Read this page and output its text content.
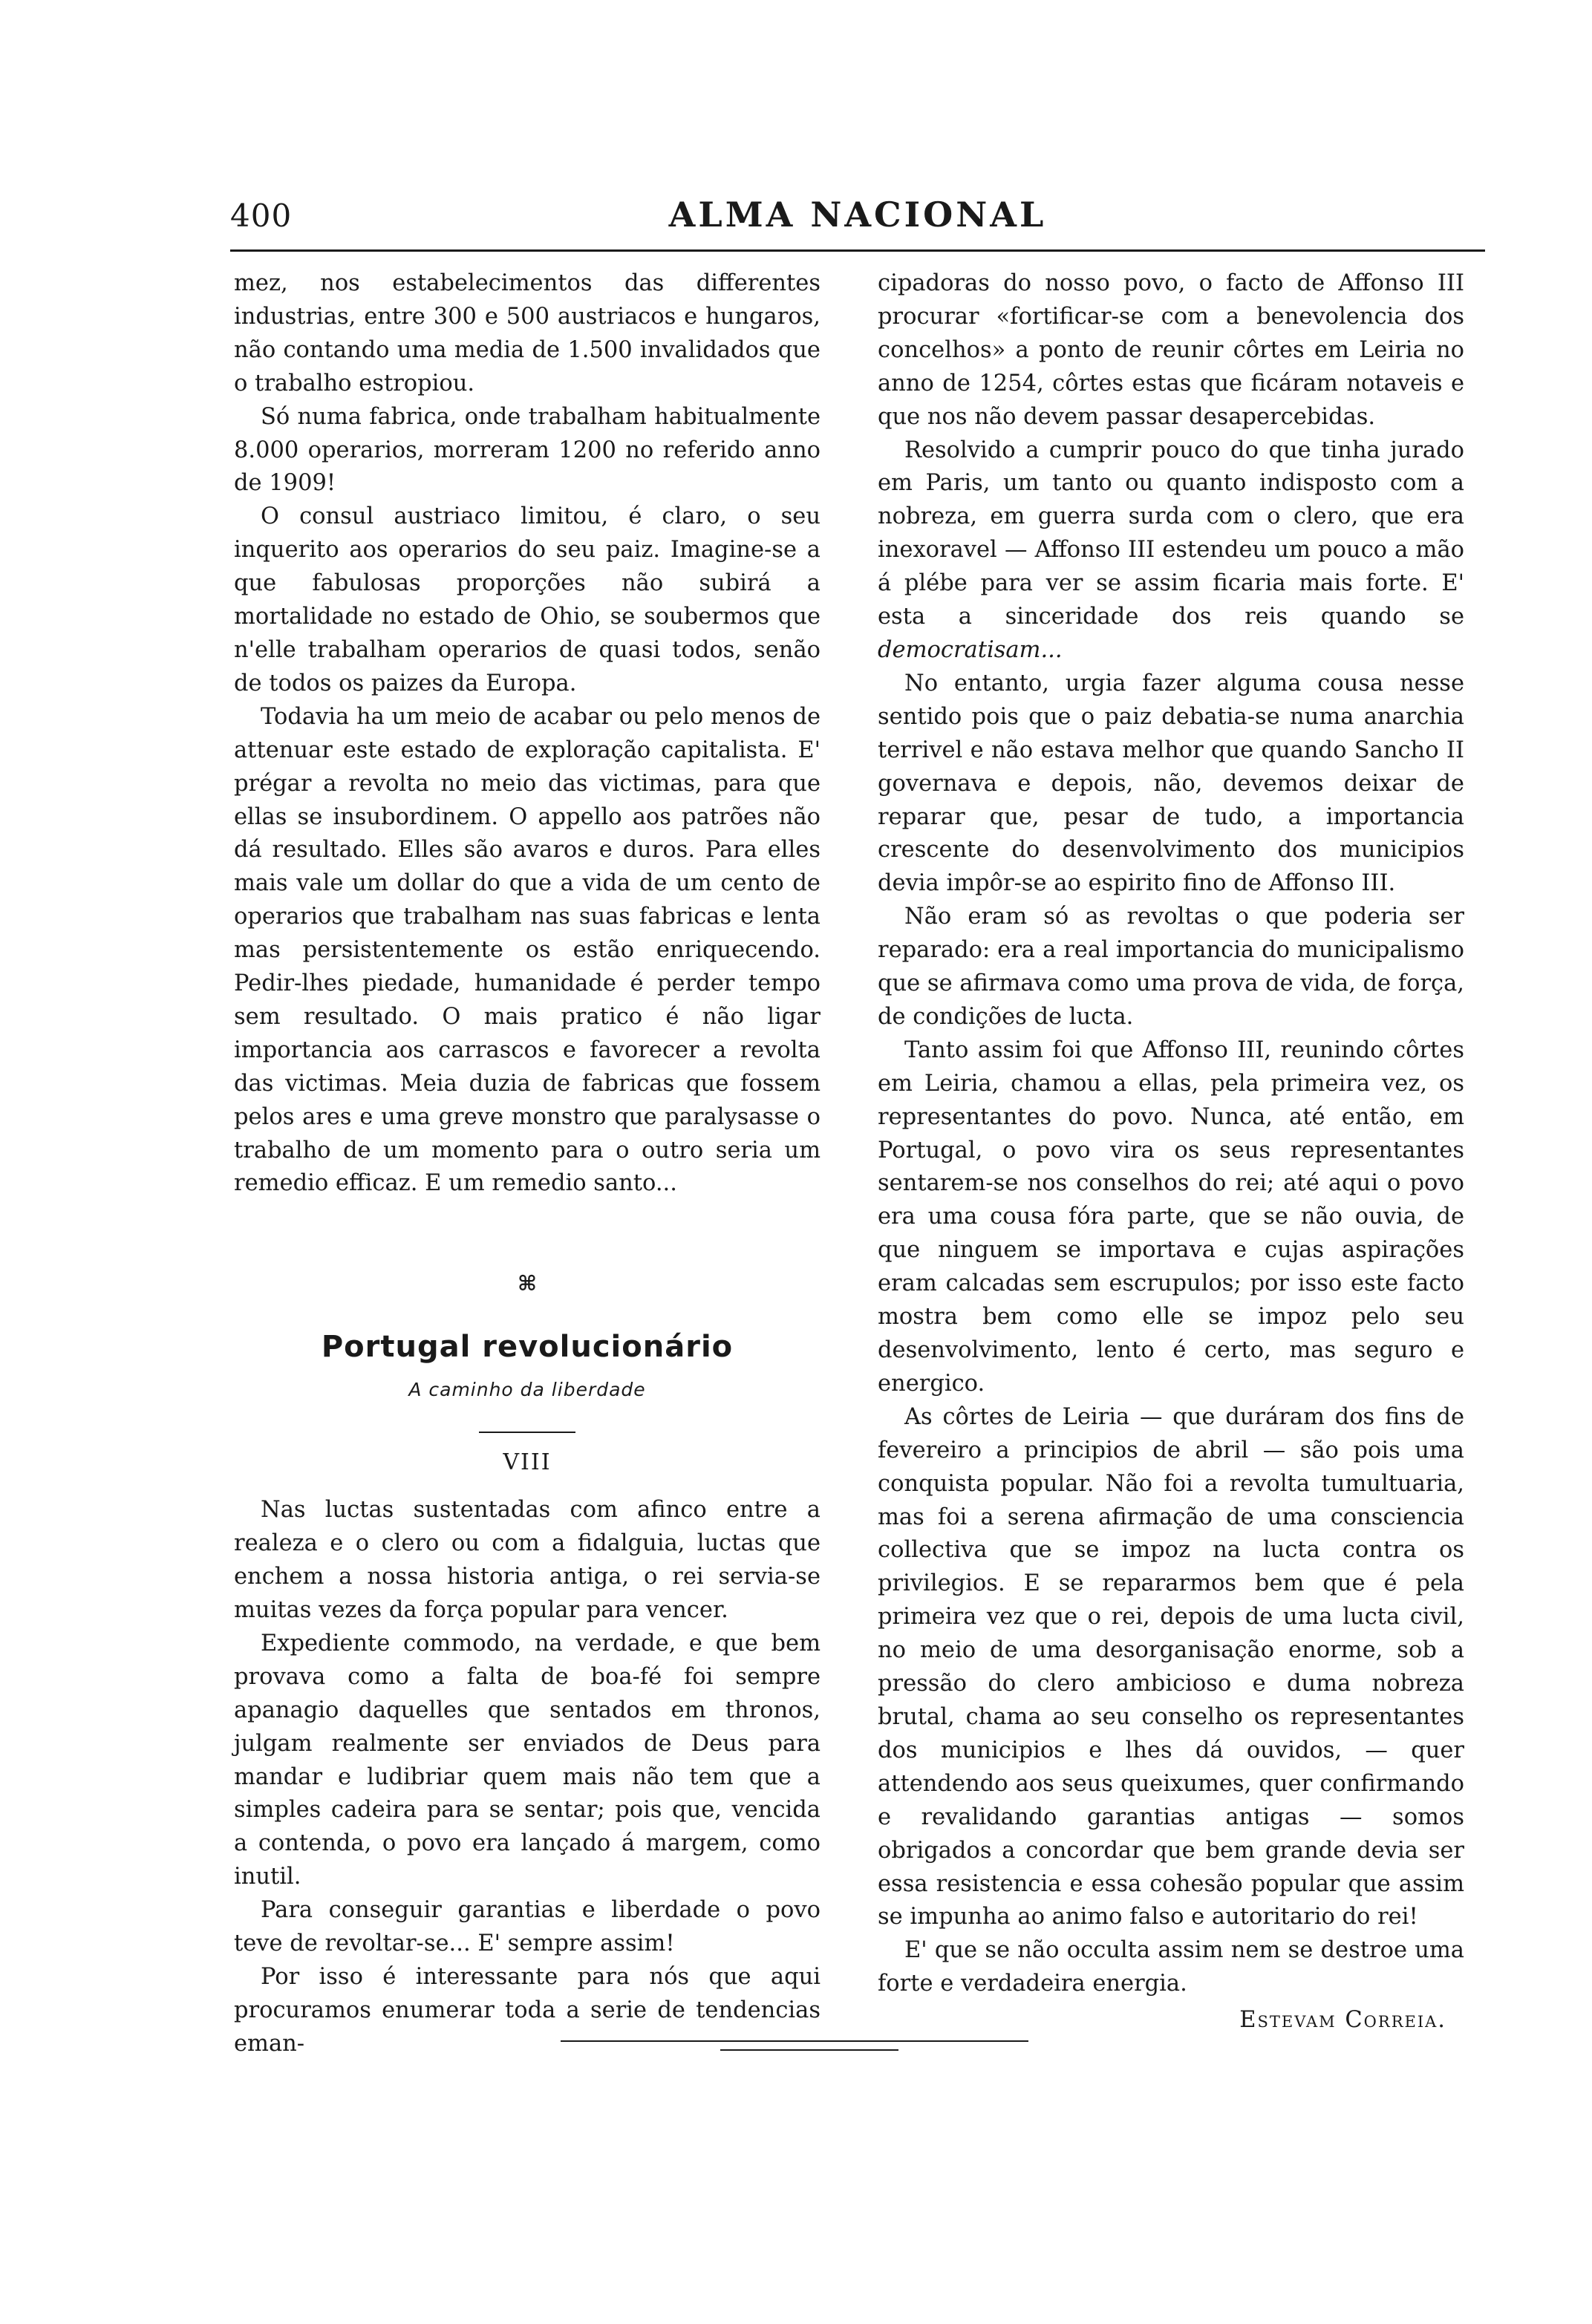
400	ALMA NACIONAL

mez, nos estabelecimentos das differentes industrias, entre 300 e 500 austriacos e hungaros, não contando uma media de 1.500 invalidados que o trabalho estropiou.

Só numa fabrica, onde trabalham habitualmente 8.000 operarios, morreram 1200 no referido anno de 1909!

O consul austriaco limitou, é claro, o seu inquerito aos operarios do seu paiz. Imagine-se a que fabulosas proporções não subirá a mortalidade no estado de Ohio, se soubermos que n'elle trabalham operarios de quasi todos, senão de todos os paizes da Europa.

Todavia ha um meio de acabar ou pelo menos de attenuar este estado de exploração capitalista. E' prégar a revolta no meio das victimas, para que ellas se insubordinem. O appello aos patrões não dá resultado. Elles são avaros e duros. Para elles mais vale um dollar do que a vida de um cento de operarios que trabalham nas suas fabricas e lenta mas persistentemente os estão enriquecendo. Pedir-lhes piedade, humanidade é perder tempo sem resultado. O mais pratico é não ligar importancia aos carrascos e favorecer a revolta das victimas. Meia duzia de fabricas que fossem pelos ares e uma greve monstro que paralysasse o trabalho de um momento para o outro seria um remedio efficaz. E um remedio santo...

⌘
Portugal revolucionário
A caminho da liberdade
VIII

Nas luctas sustentadas com afinco entre a realeza e o clero ou com a fidalguia, luctas que enchem a nossa historia antiga, o rei servia-se muitas vezes da força popular para vencer.

Expediente commodo, na verdade, e que bem provava como a falta de boa-fé foi sempre apanagio daquelles que sentados em thronos, julgam realmente ser enviados de Deus para mandar e ludibriar quem mais não tem que a simples cadeira para se sentar; pois que, vencida a contenda, o povo era lançado á margem, como inutil.

Para conseguir garantias e liberdade o povo teve de revoltar-se... E' sempre assim!

Por isso é interessante para nós que aqui procuramos enumerar toda a serie de tendencias eman-

cipadoras do nosso povo, o facto de Affonso III procurar «fortificar-se com a benevolencia dos concelhos» a ponto de reunir côrtes em Leiria no anno de 1254, côrtes estas que ficáram notaveis e que nos não devem passar desapercebidas.

Resolvido a cumprir pouco do que tinha jurado em Paris, um tanto ou quanto indisposto com a nobreza, em guerra surda com o clero, que era inexoravel — Affonso III estendeu um pouco a mão á plébe para ver se assim ficaria mais forte. E' esta a sinceridade dos reis quando se democratisam...

No entanto, urgia fazer alguma cousa nesse sentido pois que o paiz debatia-se numa anarchia terrivel e não estava melhor que quando Sancho II governava e depois, não, devemos deixar de reparar que, pesar de tudo, a importancia crescente do desenvolvimento dos municipios devia impôr-se ao espirito fino de Affonso III.

Não eram só as revoltas o que poderia ser reparado: era a real importancia do municipalismo que se afirmava como uma prova de vida, de força, de condições de lucta.

Tanto assim foi que Affonso III, reunindo côrtes em Leiria, chamou a ellas, pela primeira vez, os representantes do povo. Nunca, até então, em Portugal, o povo vira os seus representantes sentarem-se nos conselhos do rei; até aqui o povo era uma cousa fóra parte, que se não ouvia, de que ninguem se importava e cujas aspirações eram calcadas sem escrupulos; por isso este facto mostra bem como elle se impoz pelo seu desenvolvimento, lento é certo, mas seguro e energico.

As côrtes de Leiria — que duráram dos fins de fevereiro a principios de abril — são pois uma conquista popular. Não foi a revolta tumultuaria, mas foi a serena afirmação de uma consciencia collectiva que se impoz na lucta contra os privilegios. E se repararmos bem que é pela primeira vez que o rei, depois de uma lucta civil, no meio de uma desorganisação enorme, sob a pressão do clero ambicioso e duma nobreza brutal, chama ao seu conselho os representantes dos municipios e lhes dá ouvidos, — quer attendendo aos seus queixumes, quer confirmando e revalidando garantias antigas — somos obrigados a concordar que bem grande devia ser essa resistencia e essa cohesão popular que assim se impunha ao animo falso e autoritario do rei!

E' que se não occulta assim nem se destroe uma forte e verdadeira energia.

Estevam Correia.
